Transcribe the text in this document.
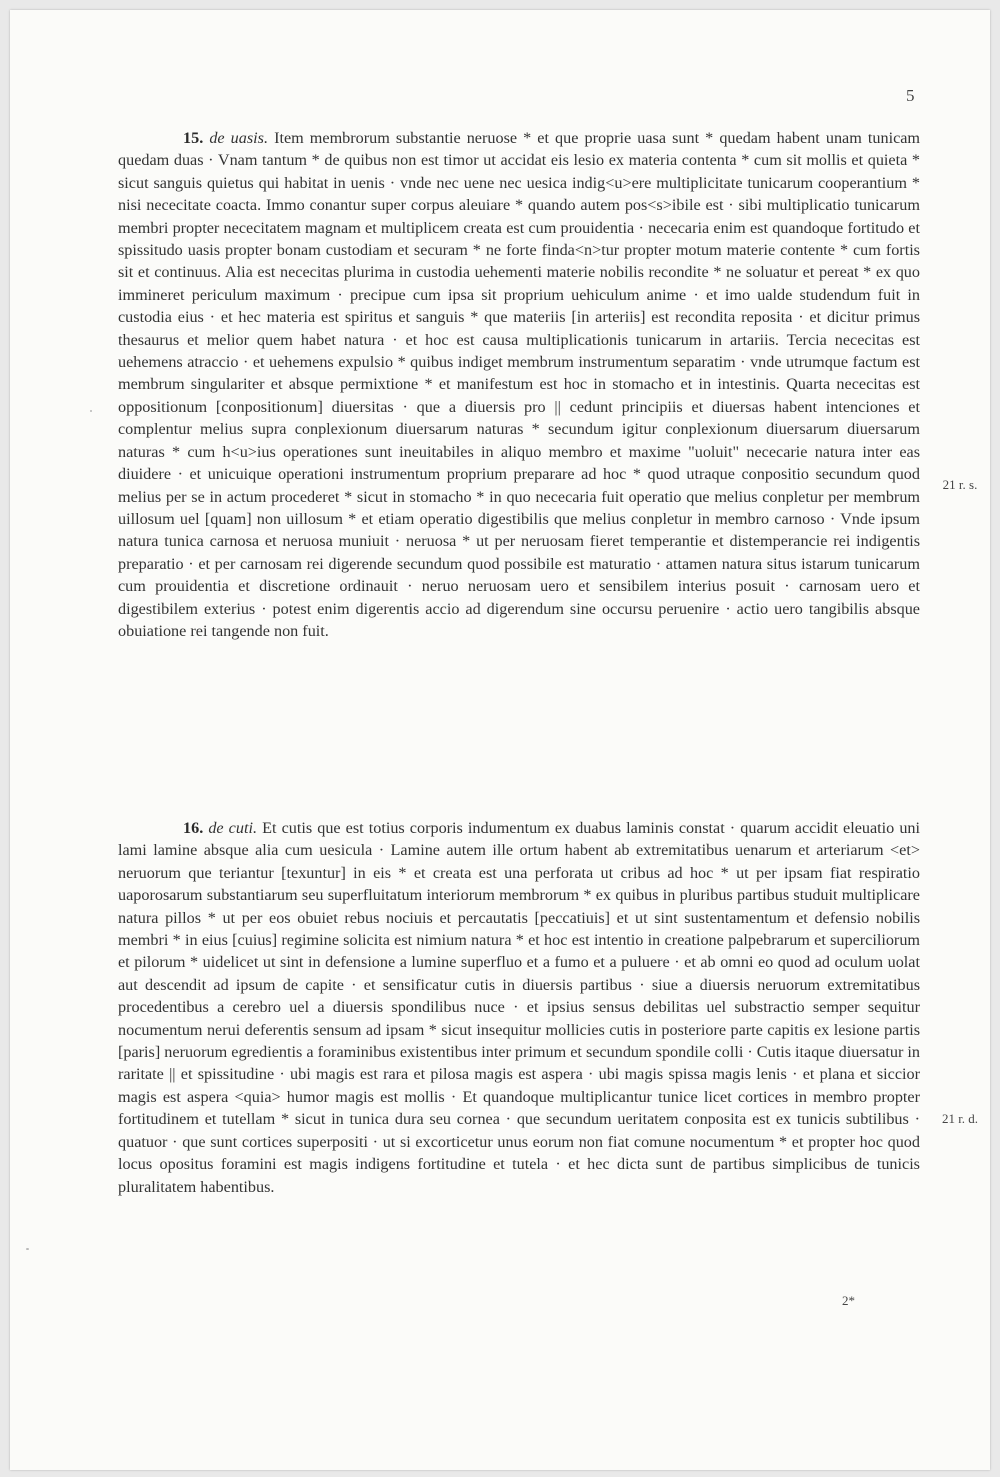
5

15. de uasis. Item membrorum substantie neruose * et que proprie uasa sunt * quedam habent unam tunicam quedam duas · Vnam tantum * de quibus non est timor ut accidat eis lesio ex materia contenta * cum sit mollis et quieta * sicut sanguis quietus qui habitat in uenis · vnde nec uene nec uesica indig<u>ere multiplicitate tunicarum cooperantium * nisi nececitate coacta. Immo conantur super corpus aleuiare * quando autem pos<s>ibile est · sibi multiplicatio tunicarum membri propter nececitatem magnam et multiplicem creata est cum prouidentia · nececaria enim est quandoque fortitudo et spissitudo uasis propter bonam custodiam et securam * ne forte finda<n>tur propter motum materie contente * cum fortis sit et continuus. Alia est nececitas plurima in custodia uehementi materie nobilis recondite * ne soluatur et pereat * ex quo immineret periculum maximum · precipue cum ipsa sit proprium uehiculum anime · et imo ualde studendum fuit in custodia eius · et hec materia est spiritus et sanguis * que materiis [in arteriis] est recondita reposita · et dicitur primus thesaurus et melior quem habet natura · et hoc est causa multiplicationis tunicarum in artariis. Tercia nececitas est uehemens atraccio · et uehemens expulsio * quibus indiget membrum instrumentum separatim · vnde utrumque factum est membrum singulariter et absque permixtione * et manifestum est hoc in stomacho et in intestinis. Quarta nececitas est oppositionum [conpositionum] diuersitas · que a diuersis pro || cedunt principiis et diuersas habent intenciones et complentur melius supra conplexionum diuersarum naturas * secundum igitur conplexionum diuersarum diuersarum naturas * cum h<u>ius operationes sunt ineuitabiles in aliquo membro et maxime "uoluit" nececarie natura inter eas diuidere · et unicuique operationi instrumentum proprium preparare ad hoc * quod utraque conpositio secundum quod melius per se in actum procederet * sicut in stomacho * in quo nececaria fuit operatio que melius conpletur per membrum uillosum uel [quam] non uillosum * et etiam operatio digestibilis que melius conpletur in membro carnoso · Vnde ipsum natura tunica carnosa et neruosa muniuit · neruosa * ut per neruosam fieret temperantie et distemperancie rei indigentis preparatio · et per carnosam rei digerende secundum quod possibile est maturatio · attamen natura situs istarum tunicarum cum prouidentia et discretione ordinauit · neruo neruosam uero et sensibilem interius posuit · carnosam uero et digestibilem exterius · potest enim digerentis accio ad digerendum sine occursu peruenire · actio uero tangibilis absque obuiatione rei tangende non fuit.

16. de cuti. Et cutis que est totius corporis indumentum ex duabus laminis constat · quarum accidit eleuatio uni lami lamine absque alia cum uesicula · Lamine autem ille ortum habent ab extremitatibus uenarum et arteriarum <et> neruorum que teriantur [texuntur] in eis * et creata est una perforata ut cribus ad hoc * ut per ipsam fiat respiratio uaporosarum substantiarum seu superfluitatum interiorum membrorum * ex quibus in pluribus partibus studuit multiplicare natura pillos * ut per eos obuiet rebus nociuis et percautatis [peccatiuis] et ut sint sustentamentum et defensio nobilis membri * in eius [cuius] regimine solicita est nimium natura * et hoc est intentio in creatione palpebrarum et superciliorum et pilorum * uidelicet ut sint in defensione a lumine superfluo et a fumo et a puluere · et ab omni eo quod ad oculum uolat aut descendit ad ipsum de capite · et sensificatur cutis in diuersis partibus · siue a diuersis neruorum extremitatibus procedentibus a cerebro uel a diuersis spondilibus nuce · et ipsius sensus debilitas uel substractio semper sequitur nocumentum nerui deferentis sensum ad ipsam * sicut insequitur mollicies cutis in posteriore parte capitis ex lesione partis [paris] neruorum egredientis a foraminibus existentibus inter primum et secundum spondile colli · Cutis itaque diuersatur in raritate || et spissitudine · ubi magis est rara et pilosa magis est aspera · ubi magis spissa magis lenis · et plana et siccior magis est aspera <quia> humor magis est mollis · Et quandoque multiplicantur tunice licet cortices in membro propter fortitudinem et tutellam * sicut in tunica dura seu cornea · que secundum ueritatem conposita est ex tunicis subtilibus · quatuor · que sunt cortices superpositi · ut si excorticetur unus eorum non fiat comune nocumentum * et propter hoc quod locus opositus foramini est magis indigens fortitudine et tutela · et hec dicta sunt de partibus simplicibus de tunicis pluralitatem habentibus.

21 r. s.
21 r. d.
2*
